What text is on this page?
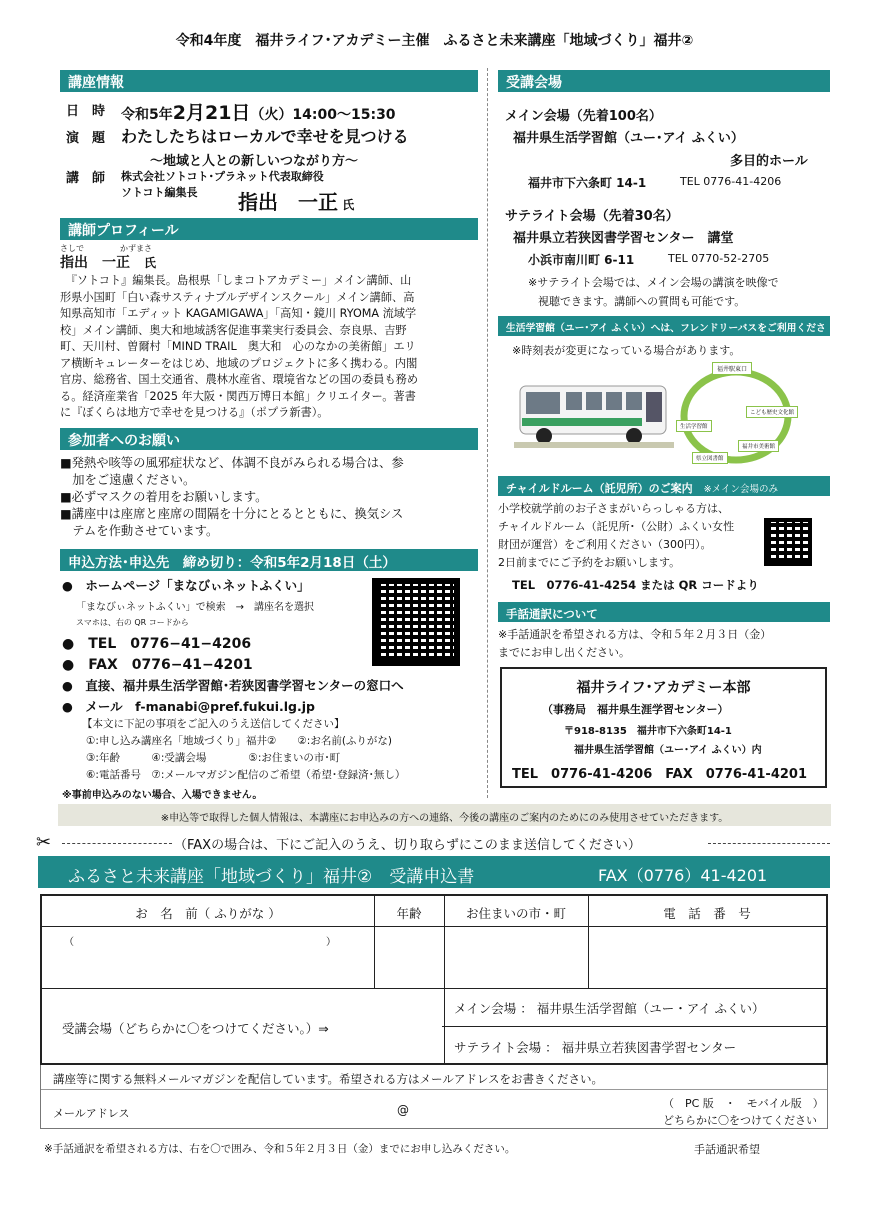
令和4年度　福井ライフ･アカデミー主催　ふるさと未来講座「地域づくり」福井②
講座情報
日　時 令和5年2月21日（火）14:00～15:30
演　題 わたしたちはローカルで幸せを見つける
～地域と人との新しいつながり方～
講　師 株式会社ソトコト･プラネット代表取締役
ソトコト編集長 指出　一正 氏
講師プロフィール
さしで	かずまさ
指出　一正　 氏
　『ソトコト』編集長。島根県「しまコトアカデミー」メイン講師、山
形県小国町「白い森サスティナブルデザインスクール」メイン講師、高
知県高知市「エディット KAGAMIGAWA」「高知・鏡川 RYOMA 流域学
校」メイン講師、奥大和地域誘客促進事業実行委員会、奈良県、吉野
町、天川村、曽爾村「MIND TRAIL　奥大和　心のなかの美術館」エリ
ア横断キュレーターをはじめ、地域のプロジェクトに多く携わる。内閣
官房、総務省、国土交通省、農林水産省、環境省などの国の委員も務め
る。経済産業省「2025 年大阪・関西万博日本館」クリエイター。著書
に『ぼくらは地方で幸せを見つける』（ポプラ新書）。
参加者へのお願い
■発熱や咳等の風邪症状など、体調不良がみられる場合は、参
　加をご遠慮ください。
■必ずマスクの着用をお願いします。
■講座中は座席と座席の間隔を十分にとるとともに、換気シス
　テムを作動させています。
申込方法･申込先　締め切り：令和5年2月18日（土）
●　ホームページ「まなびぃネットふくい」
「まなびぃネットふくい」で検索　→　講座名を選択
スマホは、右の QR コードから
●　TEL　0776−41−4206
●　FAX　0776−41−4201
●　直接、福井県生活学習館･若狭図書学習センターの窓口へ
●　メール　f-manabi@pref.fukui.lg.jp
【本文に下記の事項をご記入のうえ送信してください】
①:申し込み講座名「地域づくり」福井②　　②:お名前(ふりがな)
③:年齢　　　④:受講会場　　　　⑤:お住まいの市･町
⑥:電話番号　⑦:メールマガジン配信のご希望（希望･登録済･無し）
※事前申込みのない場合、入場できません。
受講会場
メイン会場（先着100名）
福井県生活学習館（ユー･アイ ふくい）
多目的ホール
福井市下六条町 14-1	TEL 0776-41-4206
サテライト会場（先着30名）
福井県立若狭図書学習センター　講堂
小浜市南川町 6-11	TEL 0770-52-2705
※サテライト会場では、メイン会場の講演を映像で
視聴できます。講師への質問も可能です。
生活学習館（ユー･アイ ふくい）へは、フレンドリーバスをご利用ください！
※時刻表が変更になっている場合があります。
福井駅東口
こども歴史文化館
福井市美術館
県立図書館
生活学習館
チャイルドルーム（託児所）のご案内　 ※メイン会場のみ
小学校就学前のお子さまがいらっしゃる方は、
チャイルドルーム（託児所･（公財）ふくい女性
財団が運営）をご利用ください（300円）。
2日前までにご予約をお願いします。
TEL　0776-41-4254 または QR コードより
手話通訳について
※手話通訳を希望される方は、令和５年２月３日（金）
までにお申し出ください。
福井ライフ･アカデミー本部
（事務局　福井県生涯学習センター）
〒918-8135　福井市下六条町14-1
福井県生活学習館（ユー･アイ ふくい）内
TEL　0776-41-4206　FAX　0776-41-4201
※申込等で取得した個人情報は、本講座にお申込みの方への連絡、今後の講座のご案内のためにのみ使用させていただきます。
✂	（FAXの場合は、下にご記入のうえ、切り取らずにこのまま送信してください）
ふるさと未来講座「地域づくり」福井②　受講申込書	FAX（0776）41-4201
お　名　前（ ふりがな ）	年齢	お住まいの市・町	電　話　番　号
（	）
受講会場（どちらかに〇をつけてください。）⇒
メイン会場 ： 福井県生活学習館（ユー・アイ ふくい）
サテライト会場 ： 福井県立若狭図書学習センター
講座等に関する無料メールマガジンを配信しています。希望される方はメールアドレスをお書きください。
メールアドレス	@	（　PC 版　・　モバイル版　）
どちらかに〇をつけてください
※手話通訳を希望される方は、右を〇で囲み、令和５年２月３日（金）までにお申し込みください。	手話通訳希望
